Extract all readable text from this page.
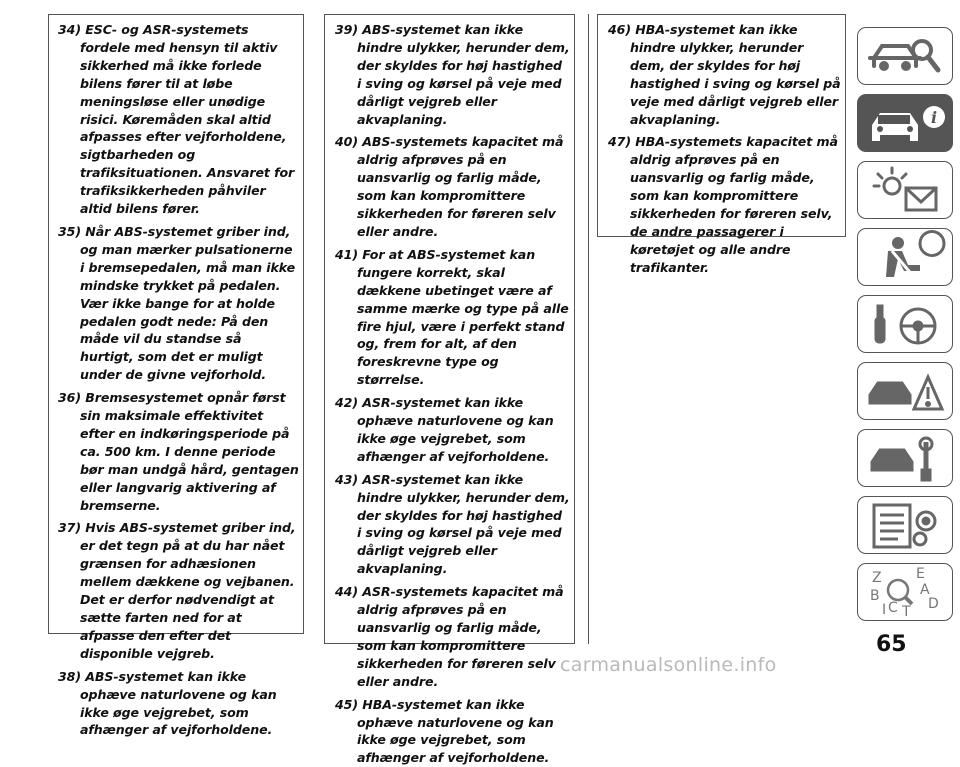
34) ESC- og ASR-systemets fordele med hensyn til aktiv sikkerhed må ikke forlede bilens fører til at løbe meningsløse eller unødige risici. Køremåden skal altid afpasses efter vejforholdene, sigtbarheden og trafiksituationen. Ansvaret for trafiksikkerheden påhviler altid bilens fører.

35) Når ABS-systemet griber ind, og man mærker pulsationerne i bremsepedalen, må man ikke mindske trykket på pedalen. Vær ikke bange for at holde pedalen godt nede: På den måde vil du standse så hurtigt, som det er muligt under de givne vejforhold.

36) Bremsesystemet opnår først sin maksimale effektivitet efter en indkøringsperiode på ca. 500 km. I denne periode bør man undgå hård, gentagen eller langvarig aktivering af bremserne.

37) Hvis ABS-systemet griber ind, er det tegn på at du har nået grænsen for adhæsionen mellem dækkene og vejbanen. Det er derfor nødvendigt at sætte farten ned for at afpasse den efter det disponible vejgreb.

38) ABS-systemet kan ikke ophæve naturlovene og kan ikke øge vejgrebet, som afhænger af vejforholdene.

39) ABS-systemet kan ikke hindre ulykker, herunder dem, der skyldes for høj hastighed i sving og kørsel på veje med dårligt vejgreb eller akvaplaning.

40) ABS-systemets kapacitet må aldrig afprøves på en uansvarlig og farlig måde, som kan kompromittere sikkerheden for føreren selv eller andre.

41) For at ABS-systemet kan fungere korrekt, skal dækkene ubetinget være af samme mærke og type på alle fire hjul, være i perfekt stand og, frem for alt, af den foreskrevne type og størrelse.

42) ASR-systemet kan ikke ophæve naturlovene og kan ikke øge vejgrebet, som afhænger af vejforholdene.

43) ASR-systemet kan ikke hindre ulykker, herunder dem, der skyldes for høj hastighed i sving og kørsel på veje med dårligt vejgreb eller akvaplaning.

44) ASR-systemets kapacitet må aldrig afprøves på en uansvarlig og farlig måde, som kan kompromittere sikkerheden for føreren selv eller andre.

45) HBA-systemet kan ikke ophæve naturlovene og kan ikke øge vejgrebet, som afhænger af vejforholdene.

46) HBA-systemet kan ikke hindre ulykker, herunder dem, der skyldes for høj hastighed i sving og kørsel på veje med dårligt vejgreb eller akvaplaning.

47) HBA-systemets kapacitet må aldrig afprøves på en uansvarlig og farlig måde, som kan kompromittere sikkerheden for føreren selv, de andre passagerer i køretøjet og alle andre trafikanter.

i
Z E
A
B	D
C T
I
65
carmanualsonline.info
